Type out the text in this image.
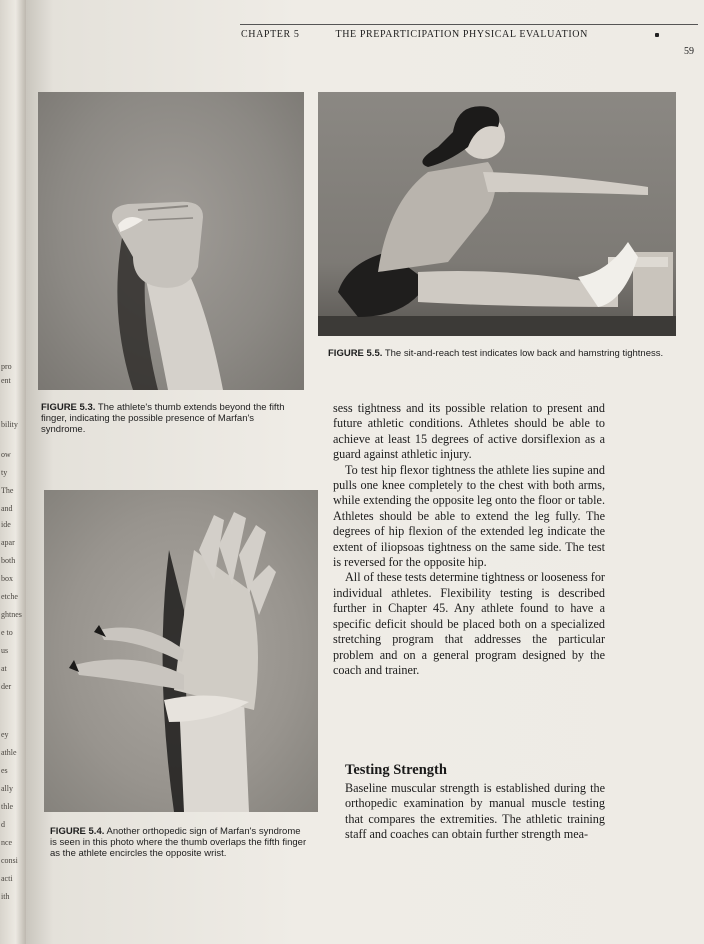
pro
ent
bility
ow
ty
The
and
ide
apar
both
box
etche
ghtnes
e to
us
at
der
ey
athle
es
ally
thle
d
nce
consi
acti
ith
CHAPTER 5	THE PREPARTICIPATION PHYSICAL EVALUATION
59
FIGURE 5.3. The athlete's thumb extends beyond the fifth finger, indicating the possible presence of Marfan's syndrome.
FIGURE 5.5. The sit-and-reach test indicates low back and hamstring tightness.
FIGURE 5.4. Another orthopedic sign of Marfan's syndrome is seen in this photo where the thumb overlaps the fifth finger as the athlete encircles the opposite wrist.

sess tightness and its possible relation to present and future athletic conditions. Athletes should be able to achieve at least 15 degrees of active dorsiflexion as a guard against athletic injury.

To test hip flexor tightness the athlete lies supine and pulls one knee completely to the chest with both arms, while extending the opposite leg onto the floor or table. Athletes should be able to extend the leg fully. The degrees of hip flexion of the extended leg indicate the extent of iliopsoas tightness on the same side. The test is reversed for the opposite hip.

All of these tests determine tightness or looseness for individual athletes. Flexibility testing is described further in Chapter 45. Any athlete found to have a specific deficit should be placed both on a specialized stretching program that addresses the particular problem and on a general program designed by the coach and trainer.

Testing Strength

Baseline muscular strength is established during the orthopedic examination by manual muscle testing that compares the extremities. The athletic training staff and coaches can obtain further strength mea-
